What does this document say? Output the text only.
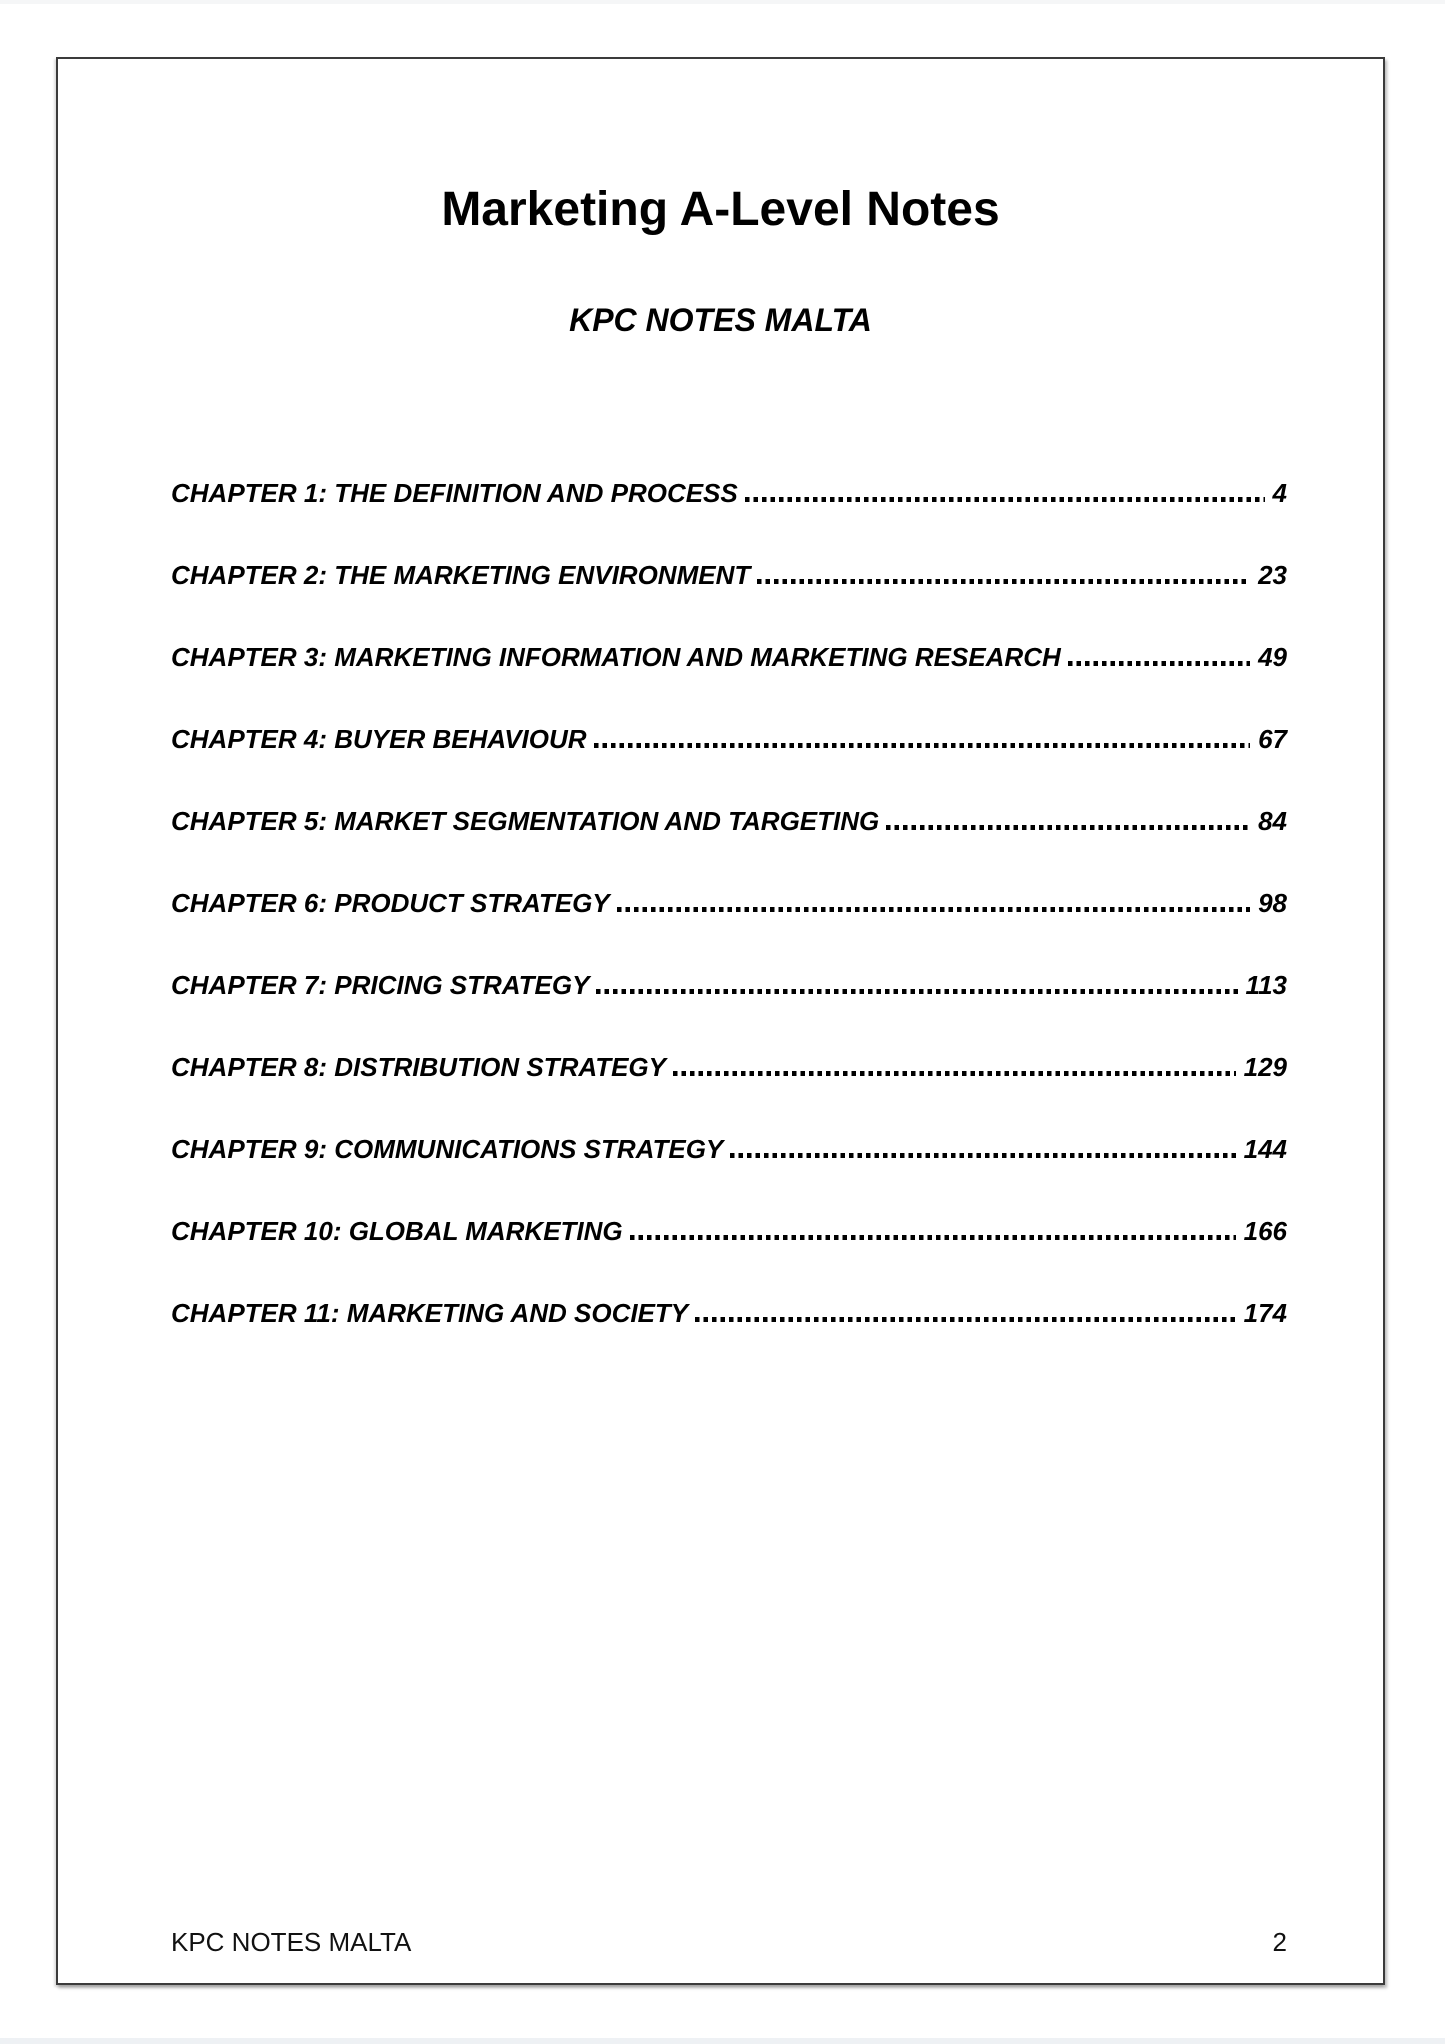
Marketing A-Level Notes
KPC NOTES MALTA
CHAPTER 1: THE DEFINITION AND PROCESS	4
CHAPTER 2: THE MARKETING ENVIRONMENT	23
CHAPTER 3: MARKETING INFORMATION AND MARKETING RESEARCH	49
CHAPTER 4: BUYER BEHAVIOUR	67
CHAPTER 5: MARKET SEGMENTATION AND TARGETING	84
CHAPTER 6: PRODUCT STRATEGY	98
CHAPTER 7: PRICING STRATEGY	113
CHAPTER 8: DISTRIBUTION STRATEGY	129
CHAPTER 9: COMMUNICATIONS STRATEGY	144
CHAPTER 10: GLOBAL MARKETING	166
CHAPTER 11: MARKETING AND SOCIETY	174
KPC NOTES MALTA	2
